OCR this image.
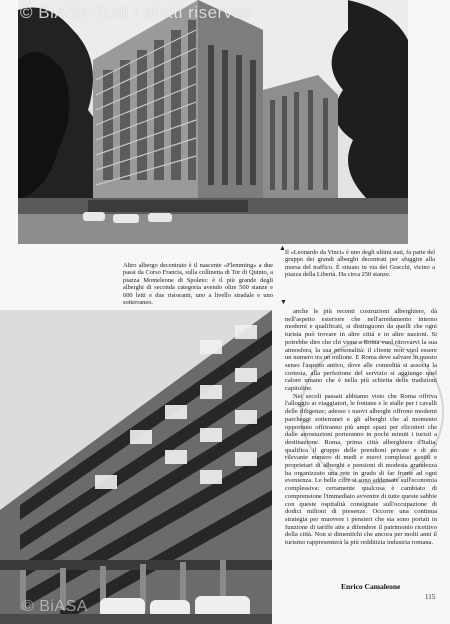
© BiASA Tutti i diritti riservati
Altro albergo decentrato è il nascente «Flemming» a due passi da Corso Francia, sulla collinetta di Tor di Quinto, a piazza Monteleone di Spoleto: è il più grande degli alberghi di seconda categoria avendo oltre 500 stanze e 600 letti e due ristoranti, uno a livello stradale e uno sotterraneo.
▲
Il «Leonardo da Vinci» è uno degli ultimi nati, fa parte del gruppo dei grandi alberghi decentrati per sfuggire alla morsa del traffico. È situato in via dei Gracchi, vicino a piazza della Libertà. Ha circa 250 stanze.
▼
© BiASA

anche le più recenti costruzioni alberghiere, dà nell'aspetto esteriore che nell'arredamento interno moderni e qualificati, si distinguono da quelli che ogni turista può trovare in altre città e in altre nazioni. Si potrebbe dire che chi viene a Roma vuol ritrovarvi la sua atmosfera, la sua personalità: il cliente non vuol essere un numero tra un milione. E Roma deve salvare in questo senso l'aspetto antico, dove alle comodità si associa la cortesia, alla perfezione del servizio si aggiunge quel calore umano che è nella più schietta delle tradizioni capitoline.

Nei secoli passati abbiamo visto che Roma offriva l'alloggio ai viaggiatori, le fontane e le stalle per i cavalli delle diligenze; adesso i nuovi alberghi offrono moderni parcheggi sotterranei e gli alberghi che al momento opportuno offriranno più ampi spazi per elicotteri che dalle aerostazioni porteranno in pochi minuti i turisti a destinazione. Roma, prima città alberghiera d'Italia, qualifica il gruppo delle prendioni private e di un rilevante numero di medi e nuovi complessi gestiti e proprietari di alberghi e pensioni di modesta grandezza ha organizzato una rete in grado di far fronte ad ogni evenienza. Le belle cifre si sono addensate sull'economia complessiva: certamente qualcosa è cambiato di comprensione l'immediato avvenire di tutte queste sabbie con queste ospitalità consignate sull'occupazione di dodici milioni di presenze. Occorre una continua strategia per muovere i pensieri che sta sono portati in funzione di tariffe atte a difendere il patrimonio ricettivo della città. Non si dimentichi che ancora per molti anni il turismo rappresenterà la più redditizia industria romana.

Enrico Camaleone
115
